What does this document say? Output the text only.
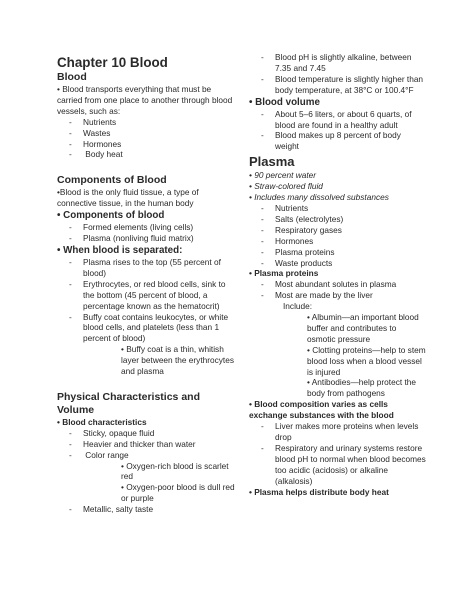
Chapter 10 Blood
Blood
• Blood transports everything that must be carried from one place to another through blood vessels, such as:
-	Nutrients
-	Wastes
-	Hormones
-	Body heat
Components of Blood
•Blood is the only fluid tissue, a type of connective tissue, in the human body
• Components of blood
-	Formed elements (living cells)
-	Plasma (nonliving fluid matrix)
• When blood is separated:
-	Plasma rises to the top (55 percent of blood)
-	Erythrocytes, or red blood cells, sink to the bottom (45 percent of blood, a percentage known as the hematocrit)
-	Buffy coat contains leukocytes, or white blood cells, and platelets (less than 1 percent of blood)
• Buffy coat is a thin, whitish layer between the erythrocytes and plasma
Physical Characteristics and Volume
• Blood characteristics
-	Sticky, opaque fluid
-	Heavier and thicker than water
-	Color range
• Oxygen-rich blood is scarlet red
• Oxygen-poor blood is dull red or purple
-	Metallic, salty taste
-	Blood pH is slightly alkaline, between 7.35 and 7.45
-	Blood temperature is slightly higher than body temperature, at 38°C or 100.4°F
• Blood volume
-	About 5–6 liters, or about 6 quarts, of blood are found in a healthy adult
-	Blood makes up 8 percent of body weight
Plasma
• 90 percent water
• Straw-colored fluid
• Includes many dissolved substances
-	Nutrients
-	Salts (electrolytes)
-	Respiratory gases
-	Hormones
-	Plasma proteins
-	Waste products
• Plasma proteins
-	Most abundant solutes in plasma
-	Most are made by the liver
Include:
• Albumin—an important blood buffer and contributes to osmotic pressure
• Clotting proteins—help to stem blood loss when a blood vessel is injured
• Antibodies—help protect the body from pathogens
• Blood composition varies as cells exchange substances with the blood
-	Liver makes more proteins when levels drop
-	Respiratory and urinary systems restore blood pH to normal when blood becomes too acidic (acidosis) or alkaline (alkalosis)
• Plasma helps distribute body heat
